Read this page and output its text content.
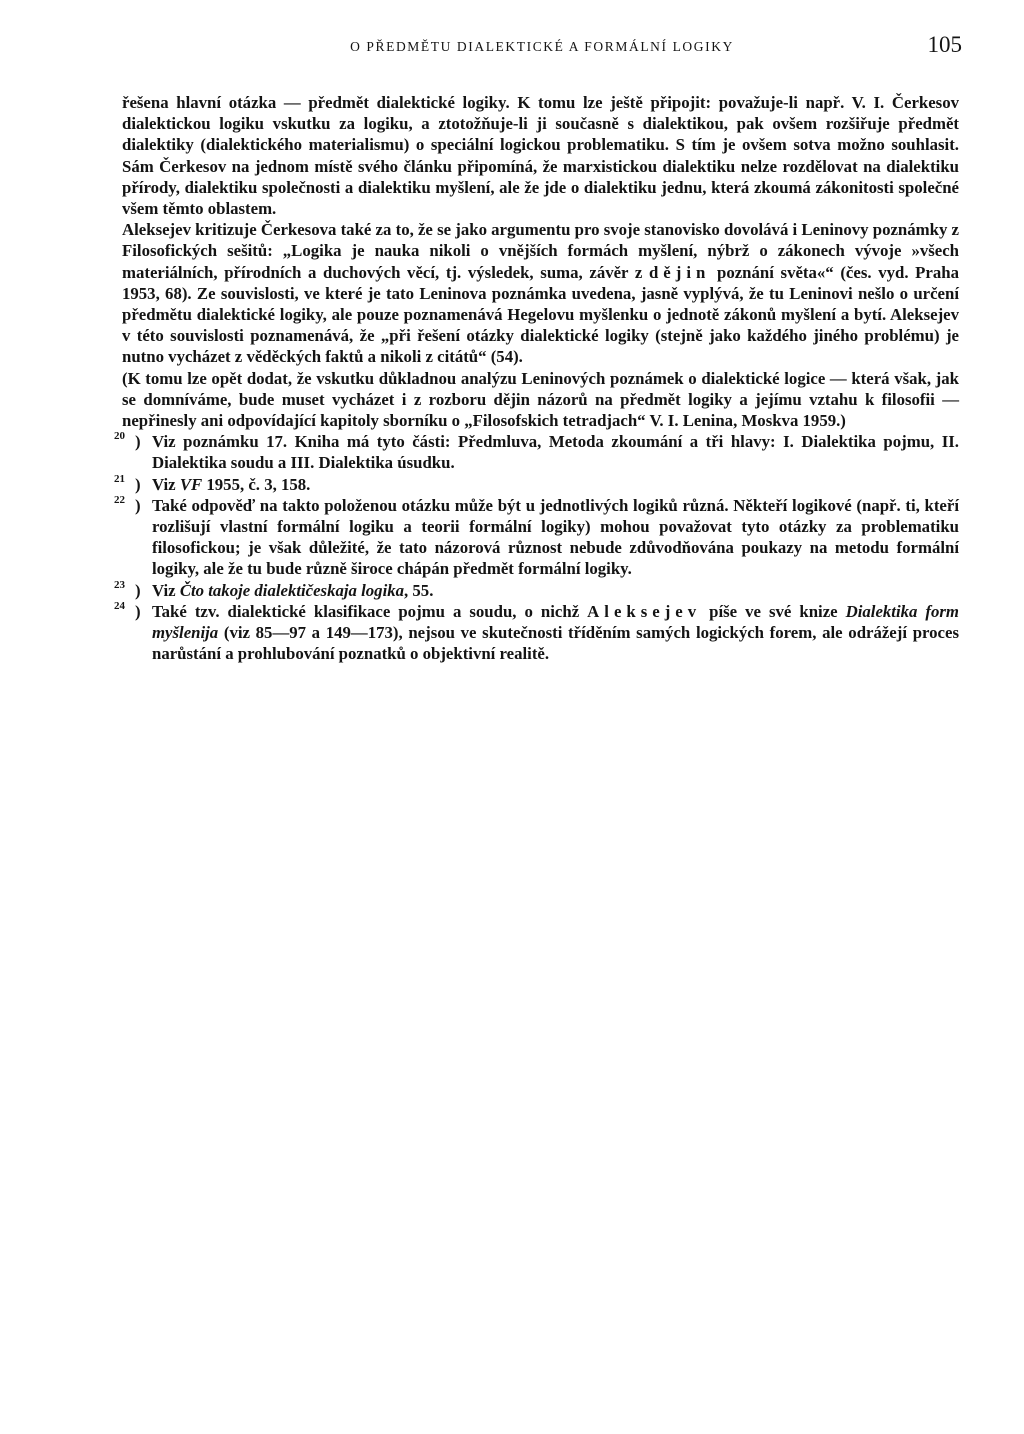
O PŘEDMĚTU DIALEKTICKÉ A FORMÁLNÍ LOGIKY	105

řešena hlavní otázka — předmět dialektické logiky. K tomu lze ještě připojit: považuje-li např. V. I. Čerkesov dialektickou logiku vskutku za logiku, a ztotožňuje-li ji současně s dialektikou, pak ovšem rozšiřuje předmět dialektiky (dialektického materialismu) o speciální logickou problematiku. S tím je ovšem sotva možno souhlasit. Sám Čerkesov na jednom místě svého článku připomíná, že marxistickou dialektiku nelze rozdělovat na dialektiku přírody, dialektiku společnosti a dialektiku myšlení, ale že jde o dialektiku jednu, která zkoumá zákonitosti společné všem těmto oblastem.

Aleksejev kritizuje Čerkesova také za to, že se jako argumentu pro svoje stanovisko dovolává i Leninovy poznámky z Filosofických sešitů: „Logika je nauka nikoli o vnějších formách myšlení, nýbrž o zákonech vývoje »všech materiálních, přírodních a duchových věcí, tj. výsledek, suma, závěr z dějin poznání světa«“ (čes. vyd. Praha 1953, 68). Ze souvislosti, ve které je tato Leninova poznámka uvedena, jasně vyplývá, že tu Leninovi nešlo o určení předmětu dialektické logiky, ale pouze poznamenává Hegelovu myšlenku o jednotě zákonů myšlení a bytí. Aleksejev v této souvislosti poznamenává, že „při řešení otázky dialektické logiky (stejně jako každého jiného problému) je nutno vycházet z věděckých faktů a nikoli z citátů“ (54).

(K tomu lze opět dodat, že vskutku důkladnou analýzu Leninových poznámek o dialektické logice — která však, jak se domníváme, bude muset vycházet i z rozboru dějin názorů na předmět logiky a jejímu vztahu k filosofii — nepřinesly ani odpovídající kapitoly sborníku o „Filosofskich tetradjach“ V. I. Lenina, Moskva 1959.)

20 ) Viz poznámku 17. Kniha má tyto části: Předmluva, Metoda zkoumání a tři hlavy: I. Dialektika pojmu, II. Dialektika soudu a III. Dialektika úsudku.

21 ) Viz VF 1955, č. 3, 158.

22 ) Také odpověď na takto položenou otázku může být u jednotlivých logiků různá. Někteří logikové (např. ti, kteří rozlišují vlastní formální logiku a teorii formální logiky) mohou považovat tyto otázky za problematiku filosofickou; je však důležité, že tato názorová různost nebude zdůvodňována poukazy na metodu formální logiky, ale že tu bude různě široce chápán předmět formální logiky.

23 ) Viz Čto takoje dialektičeskaja logika, 55.

24 ) Také tzv. dialektické klasifikace pojmu a soudu, o nichž Aleksejev píše ve své knize Dialektika form myšlenija (viz 85—97 a 149—173), nejsou ve skutečnosti tříděním samých logických forem, ale odrážejí proces narůstání a prohlubování poznatků o objektivní realitě.
